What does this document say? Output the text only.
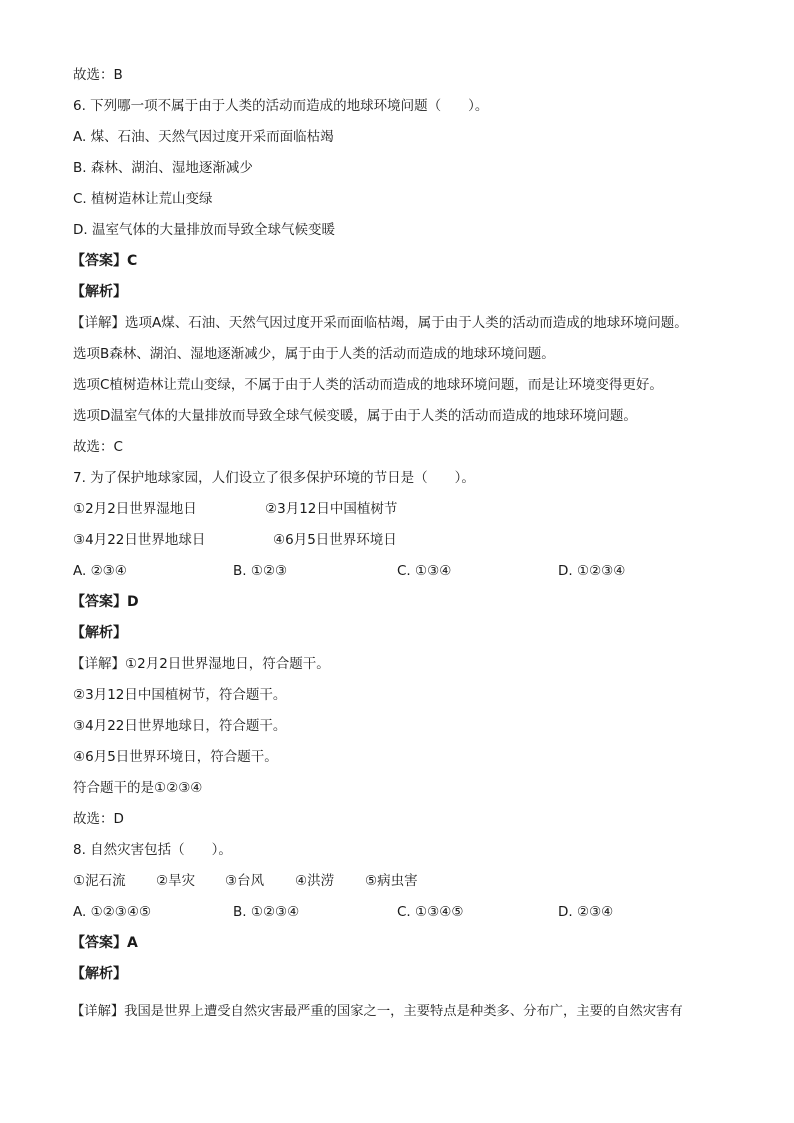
故选：B
6. 下列哪一项不属于由于人类的活动而造成的地球环境问题（　　）。
A. 煤、石油、天然气因过度开采而面临枯竭
B. 森林、湖泊、湿地逐渐减少
C. 植树造林让荒山变绿
D. 温室气体的大量排放而导致全球气候变暖
【答案】C
【解析】
【详解】选项A煤、石油、天然气因过度开采而面临枯竭，属于由于人类的活动而造成的地球环境问题。
选项B森林、湖泊、湿地逐渐减少，属于由于人类的活动而造成的地球环境问题。
选项C植树造林让荒山变绿，不属于由于人类的活动而造成的地球环境问题，而是让环境变得更好。
选项D温室气体的大量排放而导致全球气候变暖，属于由于人类的活动而造成的地球环境问题。
故选：C
7. 为了保护地球家园，人们设立了很多保护环境的节日是（　　）。
①2月2日世界湿地日	②3月12日中国植树节
③4月22日世界地球日	④6月5日世界环境日
A. ②③④	B. ①②③	C. ①③④	D. ①②③④
【答案】D
【解析】
【详解】①2月2日世界湿地日，符合题干。
②3月12日中国植树节，符合题干。
③4月22日世界地球日，符合题干。
④6月5日世界环境日，符合题干。
符合题干的是①②③④
故选：D
8. 自然灾害包括（　　）。
①泥石流 ②旱灾 ③台风 ④洪涝 ⑤病虫害
A. ①②③④⑤	B. ①②③④	C. ①③④⑤	D. ②③④
【答案】A
【解析】
【详解】我国是世界上遭受自然灾害最严重的国家之一，主要特点是种类多、分布广，主要的自然灾害有
